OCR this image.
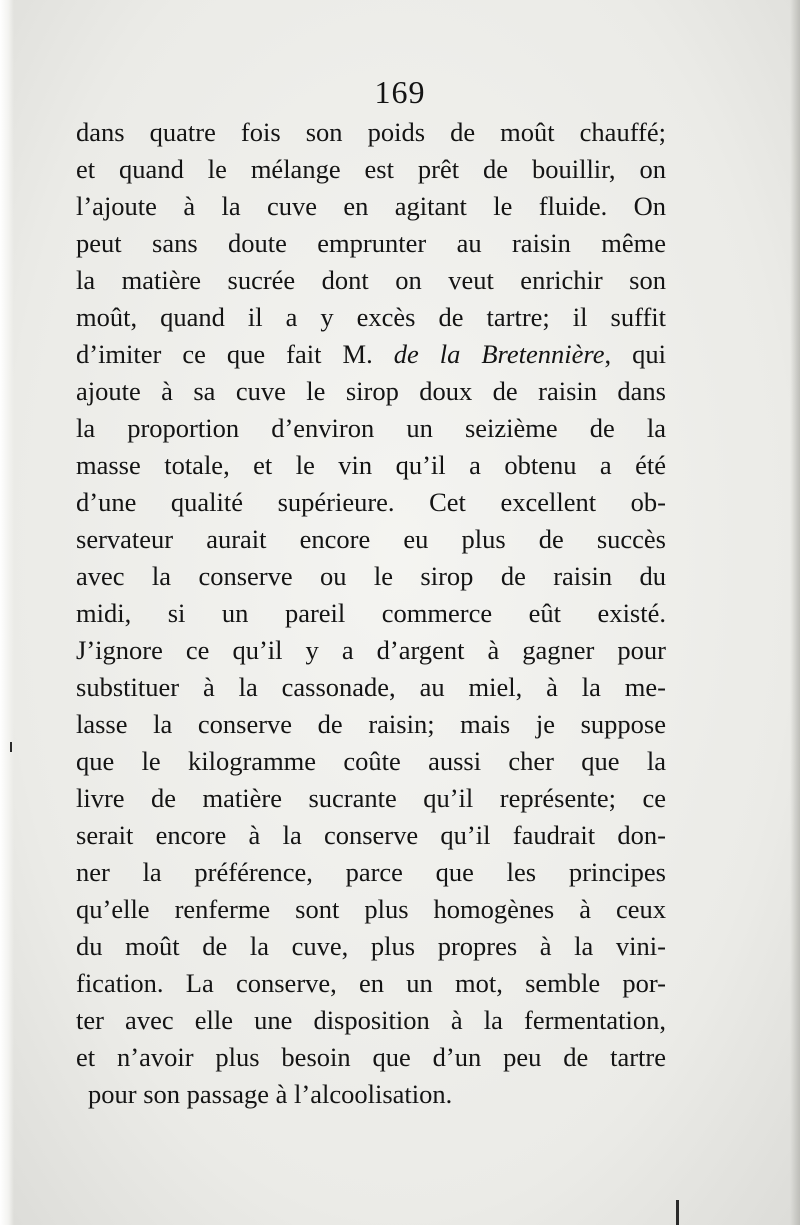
169
dans quatre fois son poids de moût chauffé;
et quand le mélange est prêt de bouillir, on
l’ajoute à la cuve en agitant le fluide. On
peut sans doute emprunter au raisin même
la matière sucrée dont on veut enrichir son
moût, quand il a y excès de tartre; il suffit
d’imiter ce que fait M. de la Bretennière, qui
ajoute à sa cuve le sirop doux de raisin dans
la proportion d’environ un seizième de la
masse totale, et le vin qu’il a obtenu a été
d’une qualité supérieure. Cet excellent ob-
servateur aurait encore eu plus de succès
avec la conserve ou le sirop de raisin du
midi, si un pareil commerce eût existé.
J’ignore ce qu’il y a d’argent à gagner pour
substituer à la cassonade, au miel, à la me-
lasse la conserve de raisin; mais je suppose
que le kilogramme coûte aussi cher que la
livre de matière sucrante qu’il représente; ce
serait encore à la conserve qu’il faudrait don-
ner la préférence, parce que les principes
qu’elle renferme sont plus homogènes à ceux
du moût de la cuve, plus propres à la vini-
fication. La conserve, en un mot, semble por-
ter avec elle une disposition à la fermentation,
et n’avoir plus besoin que d’un peu de tartre
pour son passage à l’alcoolisation.
